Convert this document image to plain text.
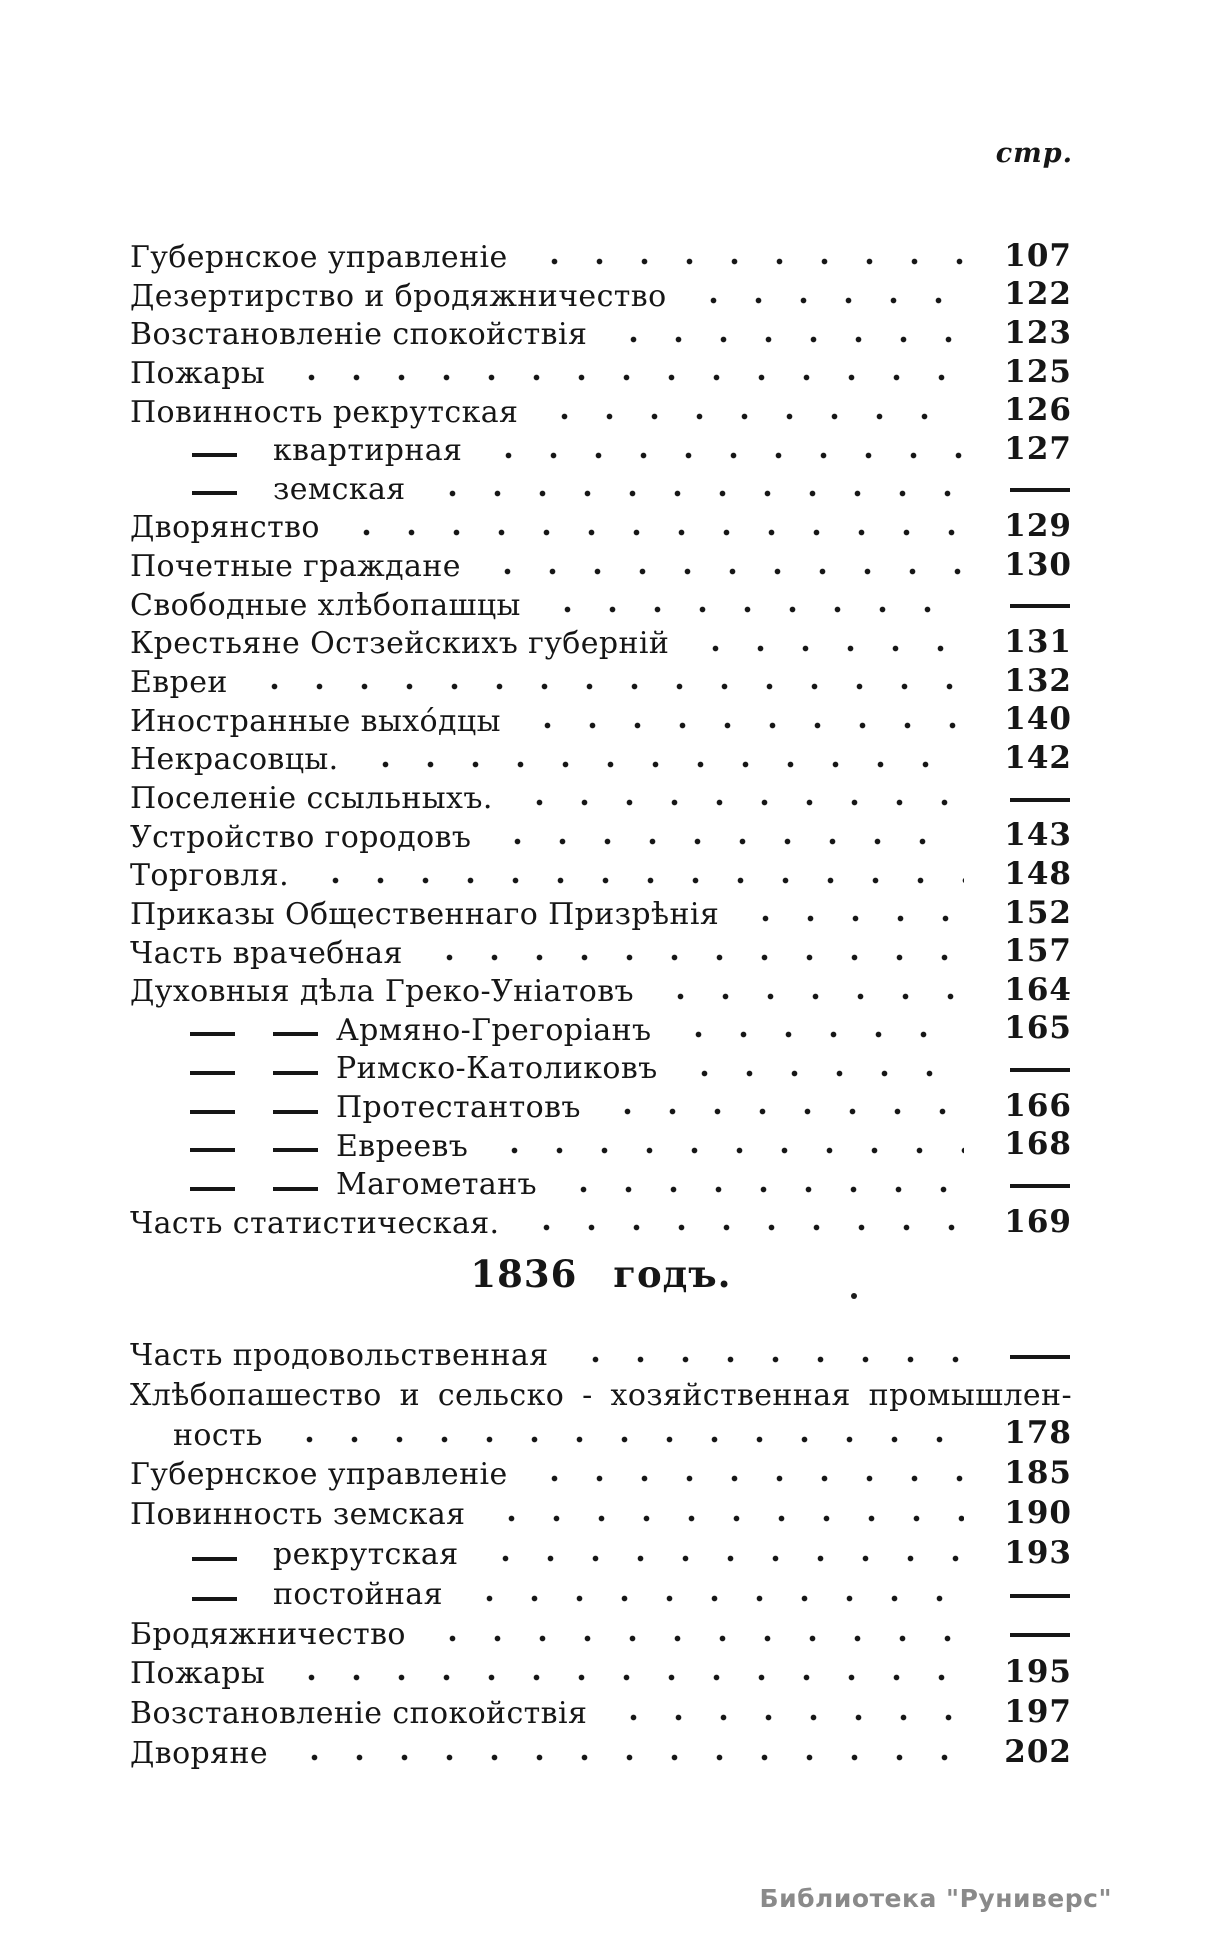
стр.
Губернское управленіе	107
Дезертирство и бродяжничество	122
Возстановленіе спокойствія	123
Пожары	125
Повинность рекрутская	126
квартирная	127
земская
Дворянство	129
Почетные граждане	130
Свободные хлѣбопашцы
Крестьяне Остзейскихъ губерній	131
Евреи	132
Иностранные выхо́дцы	140
Некрасовцы.	142
Поселеніе ссыльныхъ.
Устройство городовъ	143
Торговля.	148
Приказы Общественнаго Призрѣнія	152
Часть врачебная	157
Духовныя дѣла Греко-Уніатовъ	164
Армяно-Грегоріанъ	165
Римско-Католиковъ
Протестантовъ	166
Евреевъ	168
Магометанъ
Часть статистическая.	169
1836 годъ.
Часть продовольственная
Хлѣбопашество и сельско - хозяйственная промышлен-
ность	178
Губернское управленіе	185
Повинность земская	190
рекрутская	193
постойная
Бродяжничество
Пожары	195
Возстановленіе спокойствія	197
Дворяне	202
Библиотека "Руниверс"
